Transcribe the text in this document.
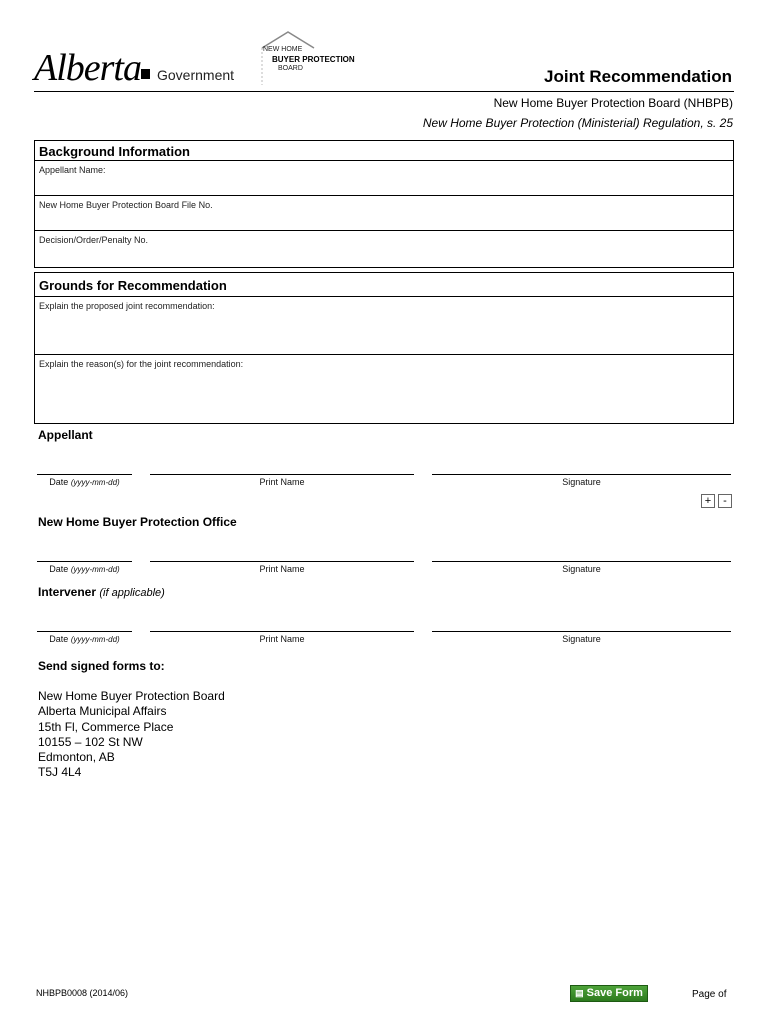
Alberta Government
NEW HOME
BUYER PROTECTION
BOARD	Joint Recommendation
New Home Buyer Protection Board (NHBPB)
New Home Buyer Protection (Ministerial) Regulation, s. 25
Background Information
Appellant Name:
New Home Buyer Protection Board File No.
Decision/Order/Penalty No.
Grounds for Recommendation
Explain the proposed joint recommendation:
Explain the reason(s) for the joint recommendation:
Appellant
Date (yyyy-mm-dd)	Print Name	Signature
+	-
New Home Buyer Protection Office
Date (yyyy-mm-dd)	Print Name	Signature
Intervener (if applicable)
Date (yyyy-mm-dd)	Print Name	Signature
Send signed forms to:
New Home Buyer Protection Board
Alberta Municipal Affairs
15th Fl, Commerce Place
10155 – 102 St NW
Edmonton, AB
T5J 4L4
NHBPB0008 (2014/06)	▤ Save Form	Page of
